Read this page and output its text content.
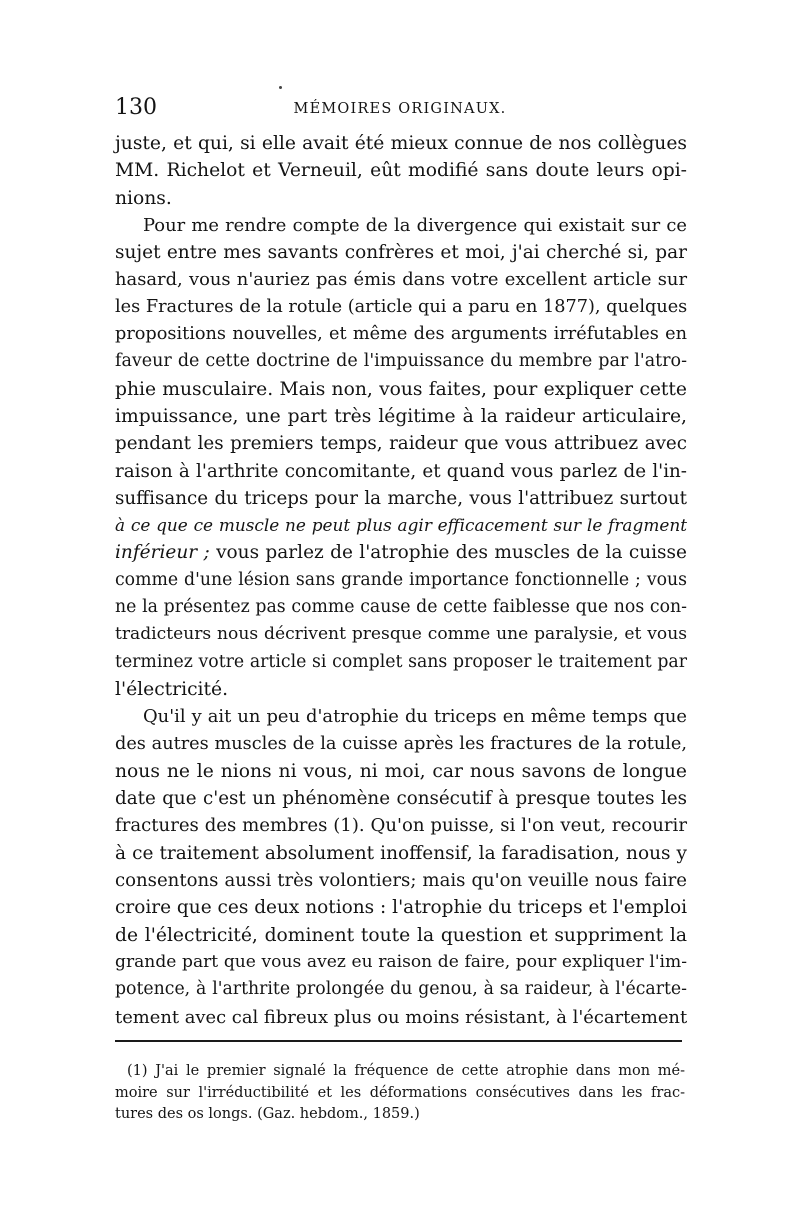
130	MÉMOIRES ORIGINAUX.
juste, et qui, si elle avait été mieux connue de nos collègues
MM. Richelot et Verneuil, eût modifié sans doute leurs opi-
nions.
Pour me rendre compte de la divergence qui existait sur ce
sujet entre mes savants confrères et moi, j'ai cherché si, par
hasard, vous n'auriez pas émis dans votre excellent article sur
les Fractures de la rotule (article qui a paru en 1877), quelques
propositions nouvelles, et même des arguments irréfutables en
faveur de cette doctrine de l'impuissance du membre par l'atro-
phie musculaire. Mais non, vous faites, pour expliquer cette
impuissance, une part très légitime à la raideur articulaire,
pendant les premiers temps, raideur que vous attribuez avec
raison à l'arthrite concomitante, et quand vous parlez de l'in-
suffisance du triceps pour la marche, vous l'attribuez surtout
à ce que ce muscle ne peut plus agir efficacement sur le fragment
inférieur ; vous parlez de l'atrophie des muscles de la cuisse
comme d'une lésion sans grande importance fonctionnelle ; vous
ne la présentez pas comme cause de cette faiblesse que nos con-
tradicteurs nous décrivent presque comme une paralysie, et vous
terminez votre article si complet sans proposer le traitement par
l'électricité.
Qu'il y ait un peu d'atrophie du triceps en même temps que
des autres muscles de la cuisse après les fractures de la rotule,
nous ne le nions ni vous, ni moi, car nous savons de longue
date que c'est un phénomène consécutif à presque toutes les
fractures des membres (1). Qu'on puisse, si l'on veut, recourir
à ce traitement absolument inoffensif, la faradisation, nous y
consentons aussi très volontiers; mais qu'on veuille nous faire
croire que ces deux notions : l'atrophie du triceps et l'emploi
de l'électricité, dominent toute la question et suppriment la
grande part que vous avez eu raison de faire, pour expliquer l'im-
potence, à l'arthrite prolongée du genou, à sa raideur, à l'écarte-
tement avec cal fibreux plus ou moins résistant, à l'écartement
(1) J'ai le premier signalé la fréquence de cette atrophie dans mon mé-
moire sur l'irréductibilité et les déformations consécutives dans les frac-
tures des os longs. (Gaz. hebdom., 1859.)
